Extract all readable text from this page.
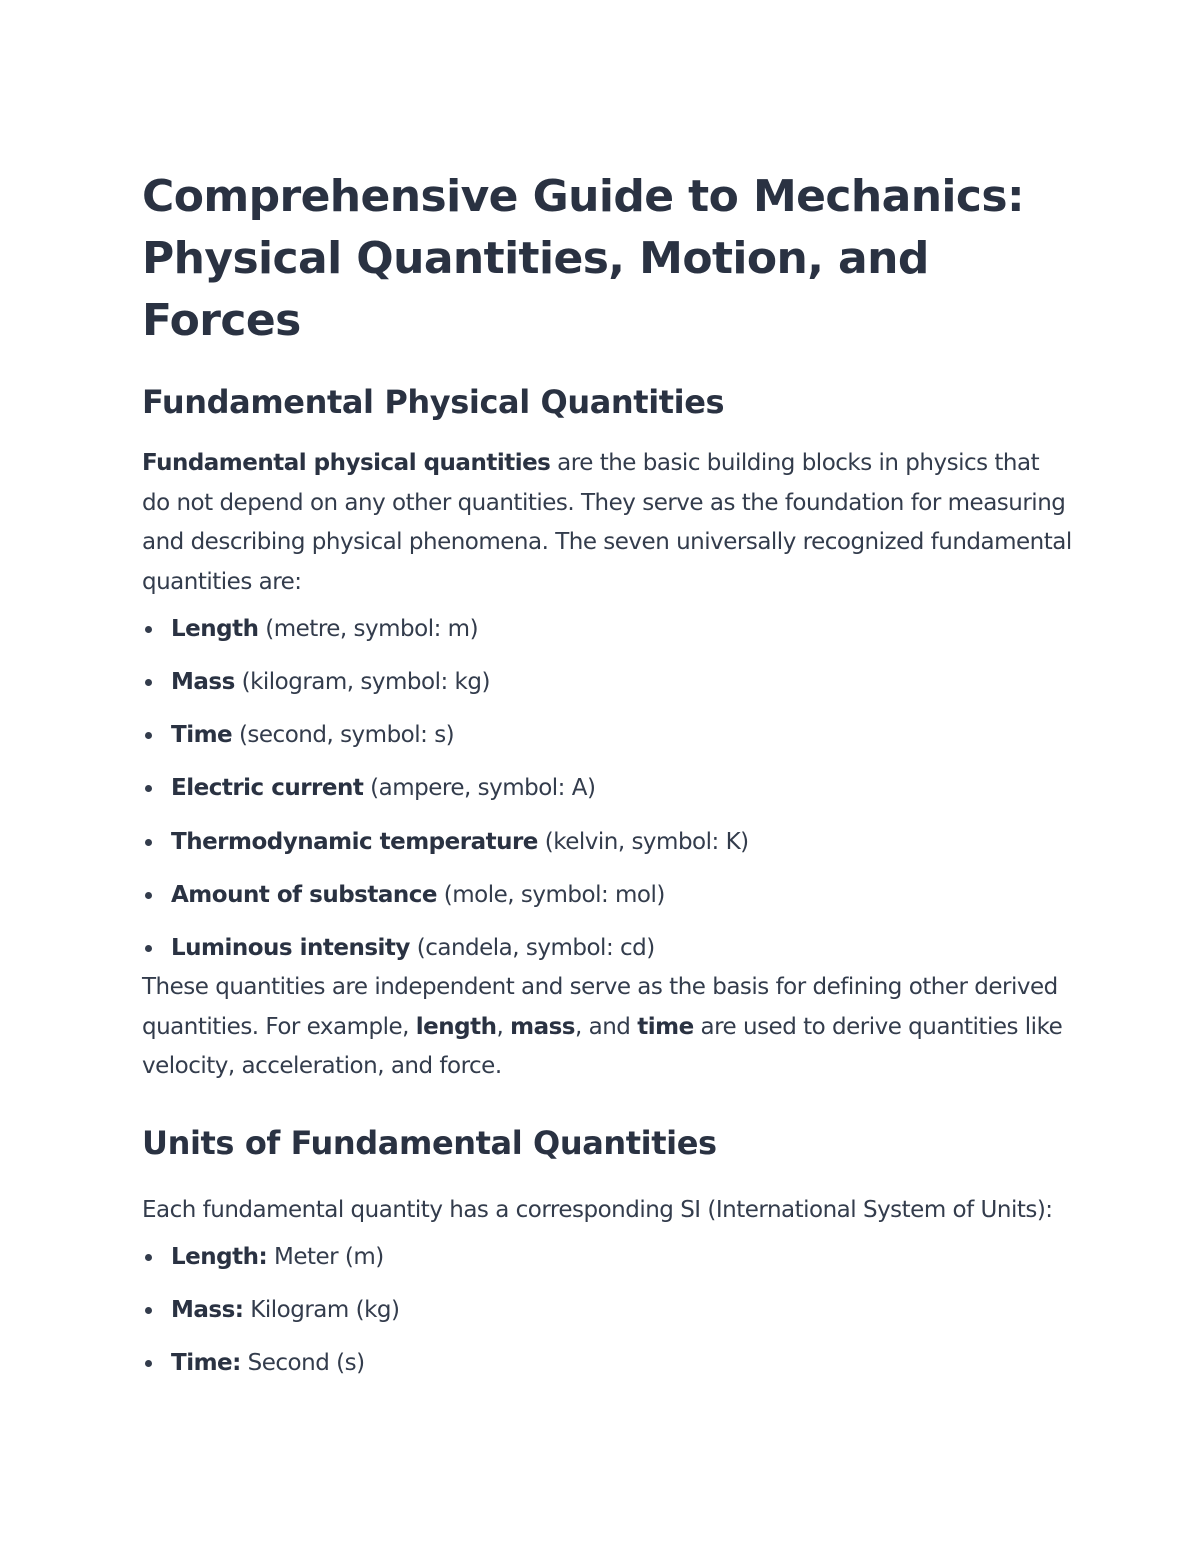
Comprehensive Guide to Mechanics:
Physical Quantities, Motion, and Forces
Fundamental Physical Quantities

Fundamental physical quantities are the basic building blocks in physics that do not depend on any other quantities. They serve as the foundation for measuring and describing physical phenomena. The seven universally recognized fundamental quantities are:

Length (metre, symbol: m)
Mass (kilogram, symbol: kg)
Time (second, symbol: s)
Electric current (ampere, symbol: A)
Thermodynamic temperature (kelvin, symbol: K)
Amount of substance (mole, symbol: mol)
Luminous intensity (candela, symbol: cd)

These quantities are independent and serve as the basis for defining other derived quantities. For example, length, mass, and time are used to derive quantities like velocity, acceleration, and force.

Units of Fundamental Quantities

Each fundamental quantity has a corresponding SI (International System of Units):

Length: Meter (m)
Mass: Kilogram (kg)
Time: Second (s)
